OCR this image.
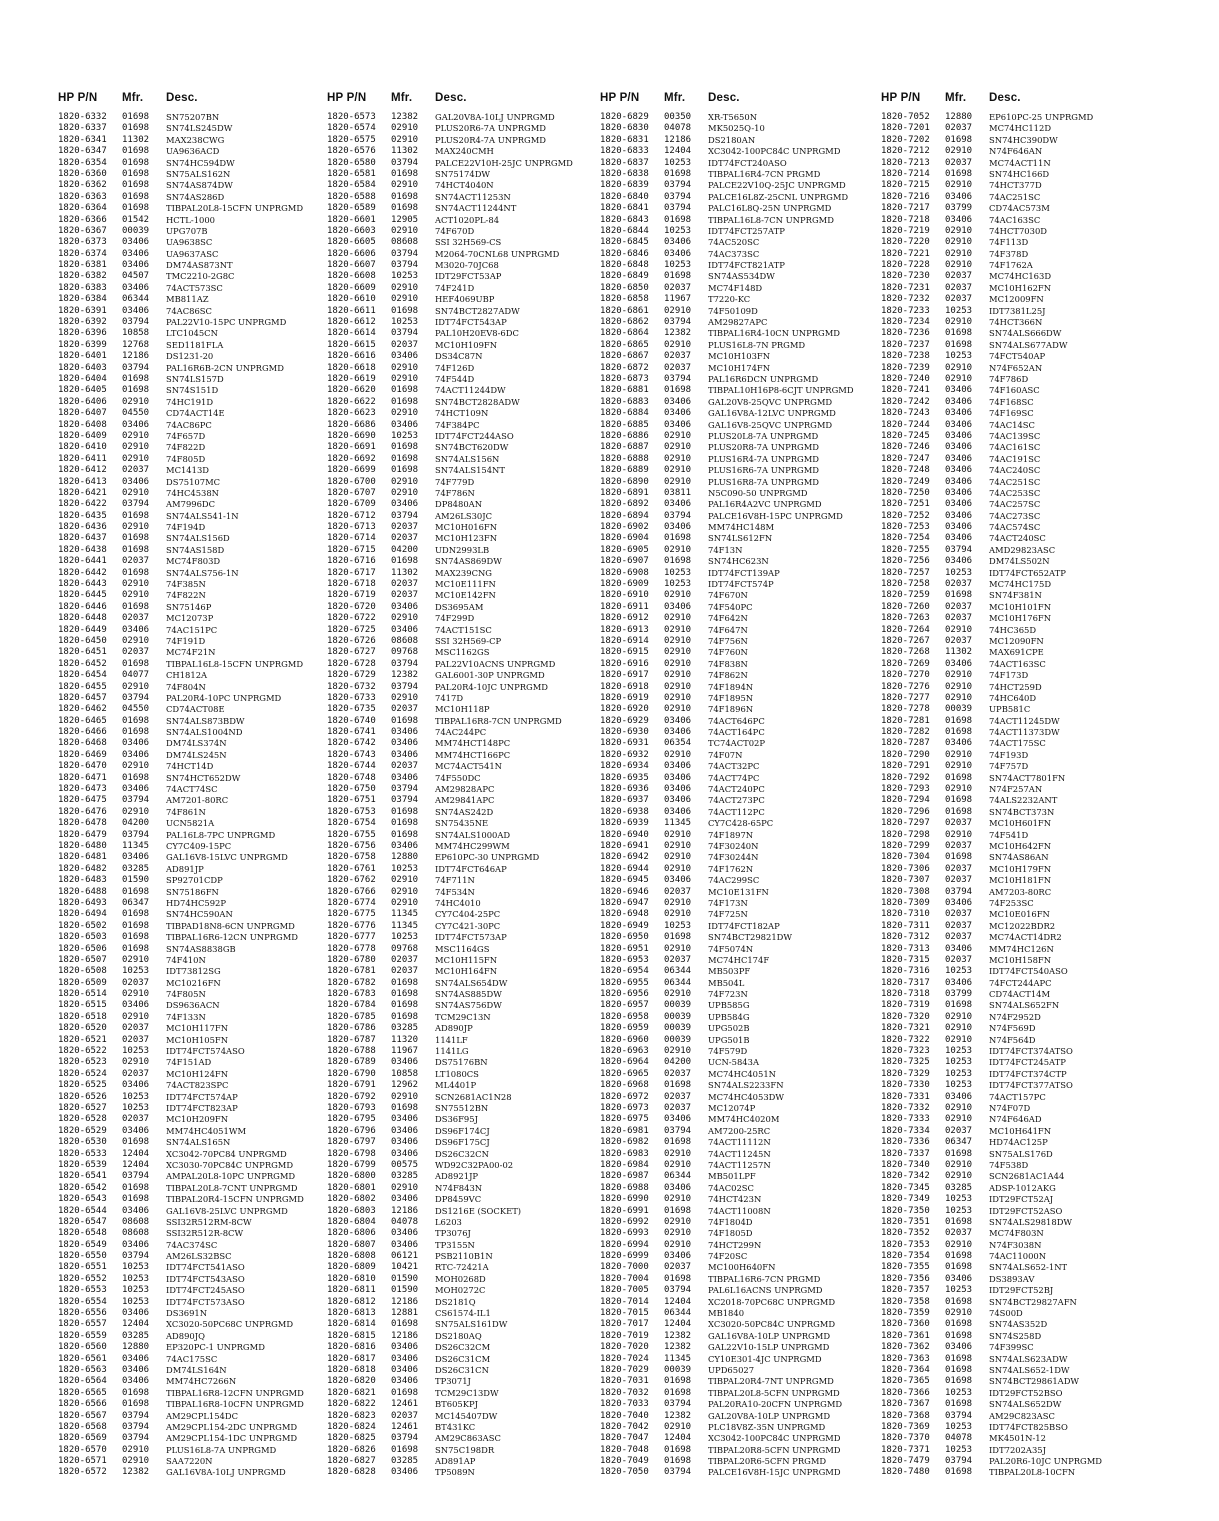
HP P/N Mfr. Desc.
1820-6332 01698 SN75207BN
1820-6337 01698 SN74LS245DW
1820-6341 11302 MAX238CWG
1820-6347 01698 UA9636ACD
1820-6354 01698 SN74HC594DW
1820-6360 01698 SN75ALS162N
1820-6362 01698 SN74AS874DW
1820-6363 01698 SN74AS286D
1820-6364 01698 TIBPAL20L8-15CFN UNPRGMD
1820-6366 01542 HCTL-1000
1820-6367 00039 UPG707B
1820-6373 03406 UA9638SC
1820-6374 03406 UA9637ASC
1820-6381 03406 DM74AS873NT
1820-6382 04507 TMC2210-2G8C
1820-6383 03406 74ACT573SC
1820-6384 06344 MB811AZ
1820-6391 03406 74AC86SC
1820-6392 03794 PAL22V10-15PC UNPRGMD
1820-6396 10858 LTC1045CN
1820-6399 12768 SED1181FLA
1820-6401 12186 DS1231-20
1820-6403 03794 PAL16R6B-2CN UNPRGMD
1820-6404 01698 SN74LS157D
1820-6405 01698 SN74S151D
1820-6406 02910 74HC191D
1820-6407 04550 CD74ACT14E
1820-6408 03406 74AC86PC
1820-6409 02910 74F657D
1820-6410 02910 74F822D
1820-6411 02910 74F805D
1820-6412 02037 MC1413D
1820-6413 03406 DS75107MC
1820-6421 02910 74HC4538N
1820-6422 03794 AM7996DC
1820-6435 01698 SN74ALS541-1N
1820-6436 02910 74F194D
1820-6437 01698 SN74ALS156D
1820-6438 01698 SN74AS158D
1820-6441 02037 MC74F803D
1820-6442 01698 SN74ALS756-1N
1820-6443 02910 74F385N
1820-6445 02910 74F822N
1820-6446 01698 SN75146P
1820-6448 02037 MC12073P
1820-6449 03406 74AC151PC
1820-6450 02910 74F191D
1820-6451 02037 MC74F21N
1820-6452 01698 TIBPAL16L8-15CFN UNPRGMD
1820-6454 04077 CH1812A
1820-6455 02910 74F804N
1820-6457 03794 PAL20R4-10PC UNPRGMD
1820-6462 04550 CD74ACT08E
1820-6465 01698 SN74ALS873BDW
1820-6466 01698 SN74ALS1004ND
1820-6468 03406 DM74LS374N
1820-6469 03406 DM74LS245N
1820-6470 02910 74HCT14D
1820-6471 01698 SN74HCT652DW
1820-6473 03406 74ACT74SC
1820-6475 03794 AM7201-80RC
1820-6476 02910 74F861N
1820-6478 04200 UCN5821A
1820-6479 03794 PAL16L8-7PC UNPRGMD
1820-6480 11345 CY7C409-15PC
1820-6481 03406 GAL16V8-15LVC UNPRGMD
1820-6482 03285 AD891JP
1820-6483 01590 SP92701CDP
1820-6488 01698 SN75186FN
1820-6493 06347 HD74HC592P
1820-6494 01698 SN74HC590AN
1820-6502 01698 TIBPAD18N8-6CN UNPRGMD
1820-6503 01698 TIBPAL16R6-12CN UNPRGMD
1820-6506 01698 SN74AS8838GB
1820-6507 02910 74F410N
1820-6508 10253 IDT73812SG
1820-6509 02037 MC10216FN
1820-6514 02910 74F805N
1820-6515 03406 DS9636ACN
1820-6518 02910 74F133N
1820-6520 02037 MC10H117FN
1820-6521 02037 MC10H105FN
1820-6522 10253 IDT74FCT574ASO
1820-6523 02910 74F151AD
1820-6524 02037 MC10H124FN
1820-6525 03406 74ACT823SPC
1820-6526 10253 IDT74FCT574AP
1820-6527 10253 IDT74FCT823AP
1820-6528 02037 MC10H209FN
1820-6529 03406 MM74HC4051WM
1820-6530 01698 SN74ALS165N
1820-6533 12404 XC3042-70PC84 UNPRGMD
1820-6539 12404 XC3030-70PC84C UNPRGMD
1820-6541 03794 AMPAL20L8-10PC UNPRGMD
1820-6542 01698 TIBPAL20L8-7CNT UNPRGMD
1820-6543 01698 TIBPAL20R4-15CFN UNPRGMD
1820-6544 03406 GAL16V8-25LVC UNPRGMD
1820-6547 08608 SSI32R512RM-8CW
1820-6548 08608 SSI32R512R-8CW
1820-6549 03406 74AC374SC
1820-6550 03794 AM26LS32BSC
1820-6551 10253 IDT74FCT541ASO
1820-6552 10253 IDT74FCT543ASO
1820-6553 10253 IDT74FCT245ASO
1820-6554 10253 IDT74FCT573ASO
1820-6556 03406 DS3691N
1820-6557 12404 XC3020-50PC68C UNPRGMD
1820-6559 03285 AD890JQ
1820-6560 12880 EP320PC-1 UNPRGMD
1820-6561 03406 74AC175SC
1820-6563 03406 DM74LS164N
1820-6564 03406 MM74HC7266N
1820-6565 01698 TIBPAL16R8-12CFN UNPRGMD
1820-6566 01698 TIBPAL16R8-10CFN UNPRGMD
1820-6567 03794 AM29CPL154DC
1820-6568 03794 AM29CPL154-2DC UNPRGMD
1820-6569 03794 AM29CPL154-1DC UNPRGMD
1820-6570 02910 PLUS16L8-7A UNPRGMD
1820-6571 02910 SAA7220N
1820-6572 12382 GAL16V8A-10LJ UNPRGMD
HP P/N Mfr. Desc.
1820-6573 12382 GAL20V8A-10LJ UNPRGMD
1820-6574 02910 PLUS20R6-7A UNPRGMD
1820-6575 02910 PLUS20R4-7A UNPRGMD
1820-6576 11302 MAX240CMH
1820-6580 03794 PALCE22V10H-25JC UNPRGMD
1820-6581 01698 SN75174DW
1820-6584 02910 74HCT4040N
1820-6588 01698 SN74ACT11253N
1820-6589 01698 SN74ACT11244NT
1820-6601 12905 ACT1020PL-84
1820-6603 02910 74F670D
1820-6605 08608 SSI 32H569-CS
1820-6606 03794 M2064-70CNL68 UNPRGMD
1820-6607 03794 M3020-70JC68
1820-6608 10253 IDT29FCT53AP
1820-6609 02910 74F241D
1820-6610 02910 HEF4069UBP
1820-6611 01698 SN74BCT2827ADW
1820-6612 10253 IDT74FCT543AP
1820-6614 03794 PAL10H20EV8-6DC
1820-6615 02037 MC10H109FN
1820-6616 03406 DS34C87N
1820-6618 02910 74F126D
1820-6619 02910 74F544D
1820-6620 01698 74ACT11244DW
1820-6622 01698 SN74BCT2828ADW
1820-6623 02910 74HCT109N
1820-6686 03406 74F384PC
1820-6690 10253 IDT74FCT244ASO
1820-6691 01698 SN74BCT620DW
1820-6692 01698 SN74ALS156N
1820-6699 01698 SN74ALS154NT
1820-6700 02910 74F779D
1820-6707 02910 74F786N
1820-6709 03406 DP8480AN
1820-6712 03794 AM26LS30JC
1820-6713 02037 MC10H016FN
1820-6714 02037 MC10H123FN
1820-6715 04200 UDN2993LB
1820-6716 01698 SN74AS869DW
1820-6717 11302 MAX239CNG
1820-6718 02037 MC10E111FN
1820-6719 02037 MC10E142FN
1820-6720 03406 DS3695AM
1820-6722 02910 74F299D
1820-6725 03406 74ACT151SC
1820-6726 08608 SSI 32H569-CP
1820-6727 09768 MSC1162GS
1820-6728 03794 PAL22V10ACNS UNPRGMD
1820-6729 12382 GAL6001-30P UNPRGMD
1820-6732 03794 PAL20R4-10JC UNPRGMD
1820-6733 02910 7417D
1820-6735 02037 MC10H118P
1820-6740 01698 TIBPAL16R8-7CN UNPRGMD
1820-6741 03406 74AC244PC
1820-6742 03406 MM74HCT148PC
1820-6743 03406 MM74HCT166PC
1820-6744 02037 MC74ACT541N
1820-6748 03406 74F550DC
1820-6750 03794 AM29828APC
1820-6751 03794 AM29841APC
1820-6753 01698 SN74AS242D
1820-6754 01698 SN75435NE
1820-6755 01698 SN74ALS1000AD
1820-6756 03406 MM74HC299WM
1820-6758 12880 EP610PC-30 UNPRGMD
1820-6761 10253 IDT74FCT646AP
1820-6762 02910 74F711N
1820-6766 02910 74F534N
1820-6774 02910 74HC4010
1820-6775 11345 CY7C404-25PC
1820-6776 11345 CY7C421-30PC
1820-6777 10253 IDT74FCT573AP
1820-6778 09768 MSC1164GS
1820-6780 02037 MC10H115FN
1820-6781 02037 MC10H164FN
1820-6782 01698 SN74ALS654DW
1820-6783 01698 SN74AS885DW
1820-6784 01698 SN74AS756DW
1820-6785 01698 TCM29C13N
1820-6786 03285 AD890JP
1820-6787 11320 1141LF
1820-6788 11967 1141LG
1820-6789 03406 DS75176BN
1820-6790 10858 LT1080CS
1820-6791 12962 ML4401P
1820-6792 02910 SCN2681AC1N28
1820-6793 01698 SN75512BN
1820-6795 03406 DS36F95J
1820-6796 03406 DS96F174CJ
1820-6797 03406 DS96F175CJ
1820-6798 03406 DS26C32CN
1820-6799 00575 WD92C32PA00-02
1820-6800 03285 AD8921JP
1820-6801 02910 N74F843N
1820-6802 03406 DP8459VC
1820-6803 12186 DS1216E (SOCKET)
1820-6804 04078 L6203
1820-6806 03406 TP3076J
1820-6807 03406 TP3155N
1820-6808 06121 PSB2110B1N
1820-6809 10421 RTC-72421A
1820-6810 01590 MOH0268D
1820-6811 01590 MOH0272C
1820-6812 12186 DS2181Q
1820-6813 12881 CS61574-IL1
1820-6814 01698 SN75ALS161DW
1820-6815 12186 DS2180AQ
1820-6816 03406 DS26C32CM
1820-6817 03406 DS26C31CM
1820-6818 03406 DS26C31CN
1820-6820 03406 TP3071J
1820-6821 01698 TCM29C13DW
1820-6822 12461 BT605KPJ
1820-6823 02037 MC145407DW
1820-6824 12461 BT431KC
1820-6825 03794 AM29C863ASC
1820-6826 01698 SN75C198DR
1820-6827 03285 AD891AP
1820-6828 03406 TP5089N
HP P/N Mfr. Desc.
1820-6829 00350 XR-T5650N
1820-6830 04078 MK5025Q-10
1820-6831 12186 DS2180AN
1820-6833 12404 XC3042-100PC84C UNPRGMD
1820-6837 10253 IDT74FCT240ASO
1820-6838 01698 TIBPAL16R4-7CN PRGMD
1820-6839 03794 PALCE22V10Q-25JC UNPRGMD
1820-6840 03794 PALCE16L8Z-25CNL UNPRGMD
1820-6841 03794 PALC16L8Q-25N UNPRGMD
1820-6843 01698 TIBPAL16L8-7CN UNPRGMD
1820-6844 10253 IDT74FCT257ATP
1820-6845 03406 74AC520SC
1820-6846 03406 74AC373SC
1820-6848 10253 IDT74FCT821ATP
1820-6849 01698 SN74AS534DW
1820-6850 02037 MC74F148D
1820-6858 11967 T7220-KC
1820-6861 02910 74F50109D
1820-6862 03794 AM29827APC
1820-6864 12382 TIBPAL16R4-10CN UNPRGMD
1820-6865 02910 PLUS16L8-7N PRGMD
1820-6867 02037 MC10H103FN
1820-6872 02037 MC10H174FN
1820-6873 03794 PAL16R6DCN UNPRGMD
1820-6881 01698 TIBPAL10H16P8-6CJT UNPRGMD
1820-6883 03406 GAL20V8-25QVC UNPRGMD
1820-6884 03406 GAL16V8A-12LVC UNPRGMD
1820-6885 03406 GAL16V8-25QVC UNPRGMD
1820-6886 02910 PLUS20L8-7A UNPRGMD
1820-6887 02910 PLUS20R8-7A UNPRGMD
1820-6888 02910 PLUS16R4-7A UNPRGMD
1820-6889 02910 PLUS16R6-7A UNPRGMD
1820-6890 02910 PLUS16R8-7A UNPRGMD
1820-6891 03811 N5C090-50 UNPRGMD
1820-6892 03406 PAL16R4A2VC UNPRGMD
1820-6894 03794 PALCE16V8H-15PC UNPRGMD
1820-6902 03406 MM74HC148M
1820-6904 01698 SN74LS612FN
1820-6905 02910 74F13N
1820-6907 01698 SN74HC623N
1820-6908 10253 IDT74FCT139AP
1820-6909 10253 IDT74FCT574P
1820-6910 02910 74F670N
1820-6911 03406 74F540PC
1820-6912 02910 74F642N
1820-6913 02910 74F647N
1820-6914 02910 74F756N
1820-6915 02910 74F760N
1820-6916 02910 74F838N
1820-6917 02910 74F862N
1820-6918 02910 74F1894N
1820-6919 02910 74F1895N
1820-6920 02910 74F1896N
1820-6929 03406 74ACT646PC
1820-6930 03406 74ACT164PC
1820-6931 06354 TC74ACT02P
1820-6932 02910 74F07N
1820-6934 03406 74ACT32PC
1820-6935 03406 74ACT74PC
1820-6936 03406 74ACT240PC
1820-6937 03406 74ACT273PC
1820-6938 03406 74ACT112PC
1820-6939 11345 CY7C428-65PC
1820-6940 02910 74F1897N
1820-6941 02910 74F30240N
1820-6942 02910 74F30244N
1820-6944 02910 74F1762N
1820-6945 03406 74AC299SC
1820-6946 02037 MC10E131FN
1820-6947 02910 74F173N
1820-6948 02910 74F725N
1820-6949 10253 IDT74FCT182AP
1820-6950 01698 SN74BCT29821DW
1820-6951 02910 74F5074N
1820-6953 02037 MC74HC174F
1820-6954 06344 MB503PF
1820-6955 06344 MB504L
1820-6956 02910 74F723N
1820-6957 00039 UPB585G
1820-6958 00039 UPB584G
1820-6959 00039 UPG502B
1820-6960 00039 UPG501B
1820-6963 02910 74F579D
1820-6964 04200 UCN-5843A
1820-6965 02037 MC74HC4051N
1820-6968 01698 SN74ALS2233FN
1820-6972 02037 MC74HC4053DW
1820-6973 02037 MC12074P
1820-6975 03406 MM74HC4020M
1820-6981 03794 AM7200-25RC
1820-6982 01698 74ACT11112N
1820-6983 02910 74ACT11245N
1820-6984 02910 74ACT11257N
1820-6987 06344 MB501LPF
1820-6988 03406 74AC02SC
1820-6990 02910 74HCT423N
1820-6991 01698 74ACT11008N
1820-6992 02910 74F1804D
1820-6993 02910 74F1805D
1820-6994 02910 74HCT299N
1820-6999 03406 74F20SC
1820-7000 02037 MC100H640FN
1820-7004 01698 TIBPAL16R6-7CN PRGMD
1820-7005 03794 PAL6L16ACNS UNPRGMD
1820-7014 12404 XC2018-70PC68C UNPRGMD
1820-7015 06344 MB1840
1820-7017 12404 XC3020-50PC84C UNPRGMD
1820-7019 12382 GAL16V8A-10LP UNPRGMD
1820-7020 12382 GAL22V10-15LP UNPRGMD
1820-7024 11345 CY10E301-4JC UNPRGMD
1820-7029 00039 UPD65027
1820-7031 01698 TIBPAL20R4-7NT UNPRGMD
1820-7032 01698 TIBPAL20L8-5CFN UNPRGMD
1820-7033 03794 PAL20RA10-20CFN UNPRGMD
1820-7040 12382 GAL20V8A-10LP UNPRGMD
1820-7042 02910 PLC18V8Z-35N UNPRGMD
1820-7047 12404 XC3042-100PC84C UNPRGMD
1820-7048 01698 TIBPAL20R8-5CFN UNPRGMD
1820-7049 01698 TIBPAL20R6-5CFN PRGMD
1820-7050 03794 PALCE16V8H-15JC UNPRGMD
HP P/N Mfr. Desc.
1820-7052 12880 EP610PC-25 UNPRGMD
1820-7201 02037 MC74HC112D
1820-7202 01698 SN74HC390DW
1820-7212 02910 N74F646AN
1820-7213 02037 MC74ACT11N
1820-7214 01698 SN74HC166D
1820-7215 02910 74HCT377D
1820-7216 03406 74AC251SC
1820-7217 03799 CD74AC573M
1820-7218 03406 74AC163SC
1820-7219 02910 74HCT7030D
1820-7220 02910 74F113D
1820-7221 02910 74F378D
1820-7228 02910 74F1762A
1820-7230 02037 MC74HC163D
1820-7231 02037 MC10H162FN
1820-7232 02037 MC12009FN
1820-7233 10253 IDT7381L25J
1820-7234 02910 74HCT366N
1820-7236 01698 SN74ALS666DW
1820-7237 01698 SN74ALS677ADW
1820-7238 10253 74FCT540AP
1820-7239 02910 N74F652AN
1820-7240 02910 74F786D
1820-7241 03406 74F160ASC
1820-7242 03406 74F168SC
1820-7243 03406 74F169SC
1820-7244 03406 74AC14SC
1820-7245 03406 74AC139SC
1820-7246 03406 74AC161SC
1820-7247 03406 74AC191SC
1820-7248 03406 74AC240SC
1820-7249 03406 74AC251SC
1820-7250 03406 74AC253SC
1820-7251 03406 74AC257SC
1820-7252 03406 74AC273SC
1820-7253 03406 74AC574SC
1820-7254 03406 74ACT240SC
1820-7255 03794 AMD29823ASC
1820-7256 03406 DM74LS502N
1820-7257 10253 IDT74FCT652ATP
1820-7258 02037 MC74HC175D
1820-7259 01698 SN74F381N
1820-7260 02037 MC10H101FN
1820-7263 02037 MC10H176FN
1820-7264 02910 74HC365D
1820-7267 02037 MC12090FN
1820-7268 11302 MAX691CPE
1820-7269 03406 74ACT163SC
1820-7270 02910 74F173D
1820-7276 02910 74HCT259D
1820-7277 02910 74HC640D
1820-7278 00039 UPB581C
1820-7281 01698 74ACT11245DW
1820-7282 01698 74ACT11373DW
1820-7287 03406 74ACT175SC
1820-7290 02910 74F193D
1820-7291 02910 74F757D
1820-7292 01698 SN74ACT7801FN
1820-7293 02910 N74F257AN
1820-7294 01698 74ALS2232ANT
1820-7296 01698 SN74BCT373N
1820-7297 02037 MC10H601FN
1820-7298 02910 74F541D
1820-7299 02037 MC10H642FN
1820-7304 01698 SN74AS86AN
1820-7306 02037 MC10H179FN
1820-7307 02037 MC10H181FN
1820-7308 03794 AM7203-80RC
1820-7309 03406 74F253SC
1820-7310 02037 MC10E016FN
1820-7311 02037 MC12022BDR2
1820-7312 02037 MC74ACT14DR2
1820-7313 03406 MM74HC126N
1820-7315 02037 MC10H158FN
1820-7316 10253 IDT74FCT540ASO
1820-7317 03406 74FCT244APC
1820-7318 03799 CD74ACT14M
1820-7319 01698 SN74ALS652FN
1820-7320 02910 N74F2952D
1820-7321 02910 N74F569D
1820-7322 02910 N74F564D
1820-7323 10253 IDT74FCT374ATSO
1820-7325 10253 IDT74FCT245ATP
1820-7329 10253 IDT74FCT374CTP
1820-7330 10253 IDT74FCT377ATSO
1820-7331 03406 74ACT157PC
1820-7332 02910 N74F07D
1820-7333 02910 N74F646AD
1820-7334 02037 MC10H641FN
1820-7336 06347 HD74AC125P
1820-7337 01698 SN75ALS176D
1820-7340 02910 74F538D
1820-7342 02910 SCN2681AC1A44
1820-7345 03285 ADSP-1012AKG
1820-7349 10253 IDT29FCT52AJ
1820-7350 10253 IDT29FCT52ASO
1820-7351 01698 SN74ALS29818DW
1820-7352 02037 MC74F803N
1820-7353 02910 N74F3038N
1820-7354 01698 74AC11000N
1820-7355 01698 SN74ALS652-1NT
1820-7356 03406 DS3893AV
1820-7357 10253 IDT29FCT52BJ
1820-7358 01698 SN74BCT29827AFN
1820-7359 02910 74S00D
1820-7360 01698 SN74AS352D
1820-7361 01698 SN74S258D
1820-7362 03406 74F399SC
1820-7363 01698 SN74ALS623ADW
1820-7364 01698 SN74ALS652-1DW
1820-7365 01698 SN74BCT29861ADW
1820-7366 10253 IDT29FCT52BSO
1820-7367 01698 SN74ALS652DW
1820-7368 03794 AM29C823ASC
1820-7369 10253 IDT74FCT825BSO
1820-7370 04078 MK4501N-12
1820-7371 10253 IDT7202A35J
1820-7479 03794 PAL20R6-10JC UNPRGMD
1820-7480 01698 TIBPAL20L8-10CFN
